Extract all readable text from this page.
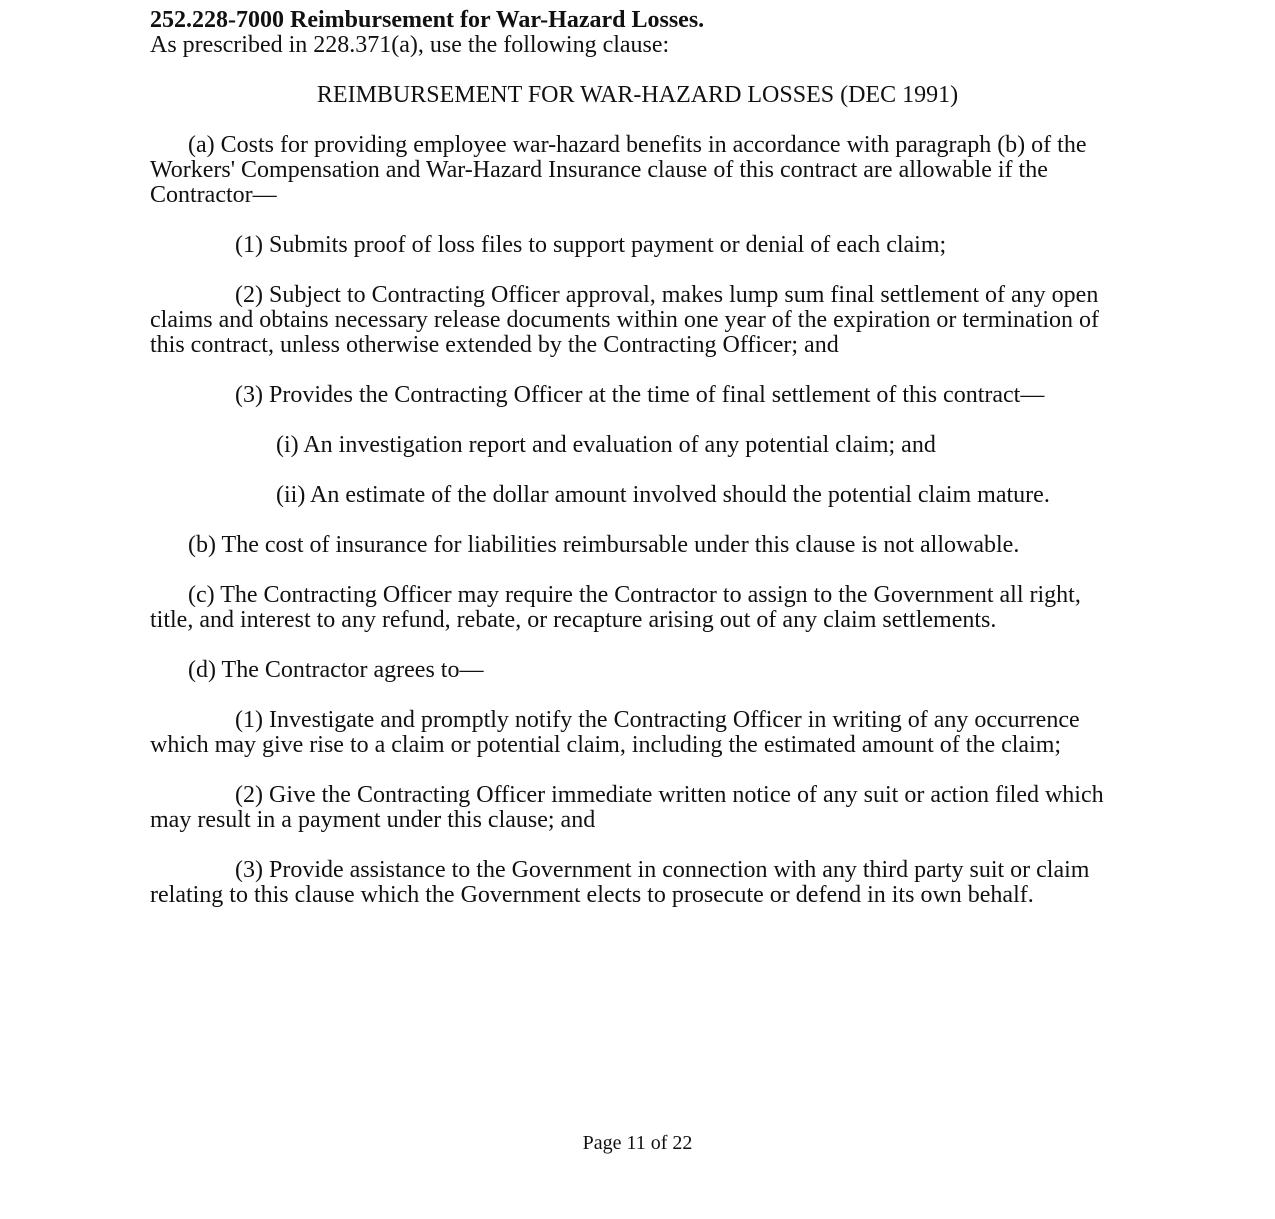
252.228-7000 Reimbursement for War-Hazard Losses.

As prescribed in 228.371(a), use the following clause:

REIMBURSEMENT FOR WAR-HAZARD LOSSES (DEC 1991)

(a) Costs for providing employee war-hazard benefits in accordance with paragraph (b) of the Workers' Compensation and War-Hazard Insurance clause of this contract are allowable if the Contractor—

(1) Submits proof of loss files to support payment or denial of each claim;

(2) Subject to Contracting Officer approval, makes lump sum final settlement of any open claims and obtains necessary release documents within one year of the expiration or termination of this contract, unless otherwise extended by the Contracting Officer; and

(3) Provides the Contracting Officer at the time of final settlement of this contract—

(i) An investigation report and evaluation of any potential claim; and

(ii) An estimate of the dollar amount involved should the potential claim mature.

(b) The cost of insurance for liabilities reimbursable under this clause is not allowable.

(c) The Contracting Officer may require the Contractor to assign to the Government all right, title, and interest to any refund, rebate, or recapture arising out of any claim settlements.

(d) The Contractor agrees to—

(1) Investigate and promptly notify the Contracting Officer in writing of any occurrence which may give rise to a claim or potential claim, including the estimated amount of the claim;

(2) Give the Contracting Officer immediate written notice of any suit or action filed which may result in a payment under this clause; and

(3) Provide assistance to the Government in connection with any third party suit or claim relating to this clause which the Government elects to prosecute or defend in its own behalf.

Page 11 of 22
